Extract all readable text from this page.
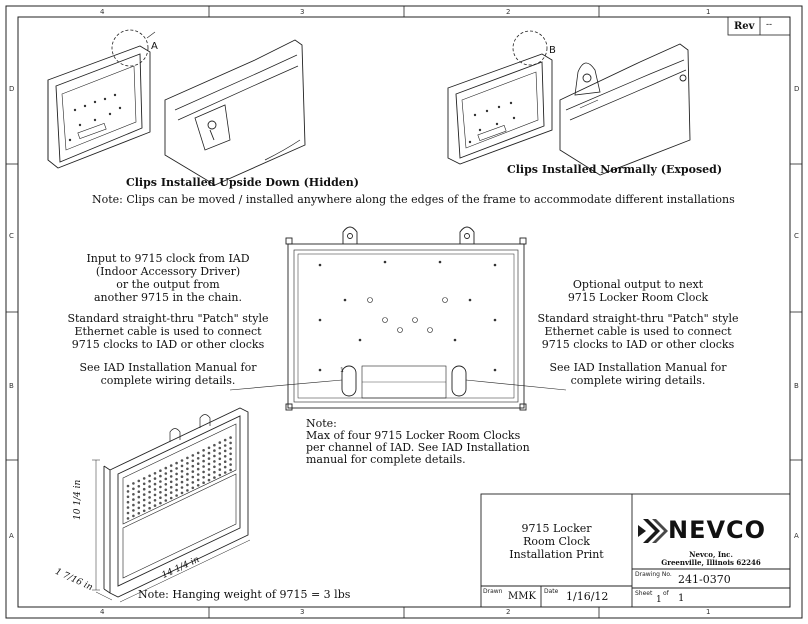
4	3	2	1
4	3	2	1
D
C
B
A
D
C
B
A
Rev --
A	B
1
Clips Installed Upside Down (Hidden)
Clips Installed Normally (Exposed)
Note: Clips can be moved / installed anywhere along the edges of the frame to accommodate different installations
Input to 9715 clock from IAD
(Indoor Accessory Driver)
or the output from
another 9715 in the chain.
Standard straight-thru "Patch" style
Ethernet cable is used to connect
9715 clocks to IAD or other clocks
See IAD Installation Manual for
complete wiring details.
Optional output to next
9715 Locker Room Clock
Standard straight-thru "Patch" style
Ethernet cable is used to connect
9715 clocks to IAD or other clocks
See IAD Installation Manual for
complete wiring details.
Note:
Max of four 9715 Locker Room Clocks
per channel of IAD. See IAD Installation
manual for complete details.
10 1/4 in
14 1/4 in
1 7/16 in
Note: Hanging weight of 9715 = 3 lbs
9715 Locker
Room Clock
Installation Print
NEVCO
Nevco, Inc.
Greenville, Illinois 62246
Drawing No. 241-0370
Drawn MMK Date 1/16/12	Sheet
1
of 1
